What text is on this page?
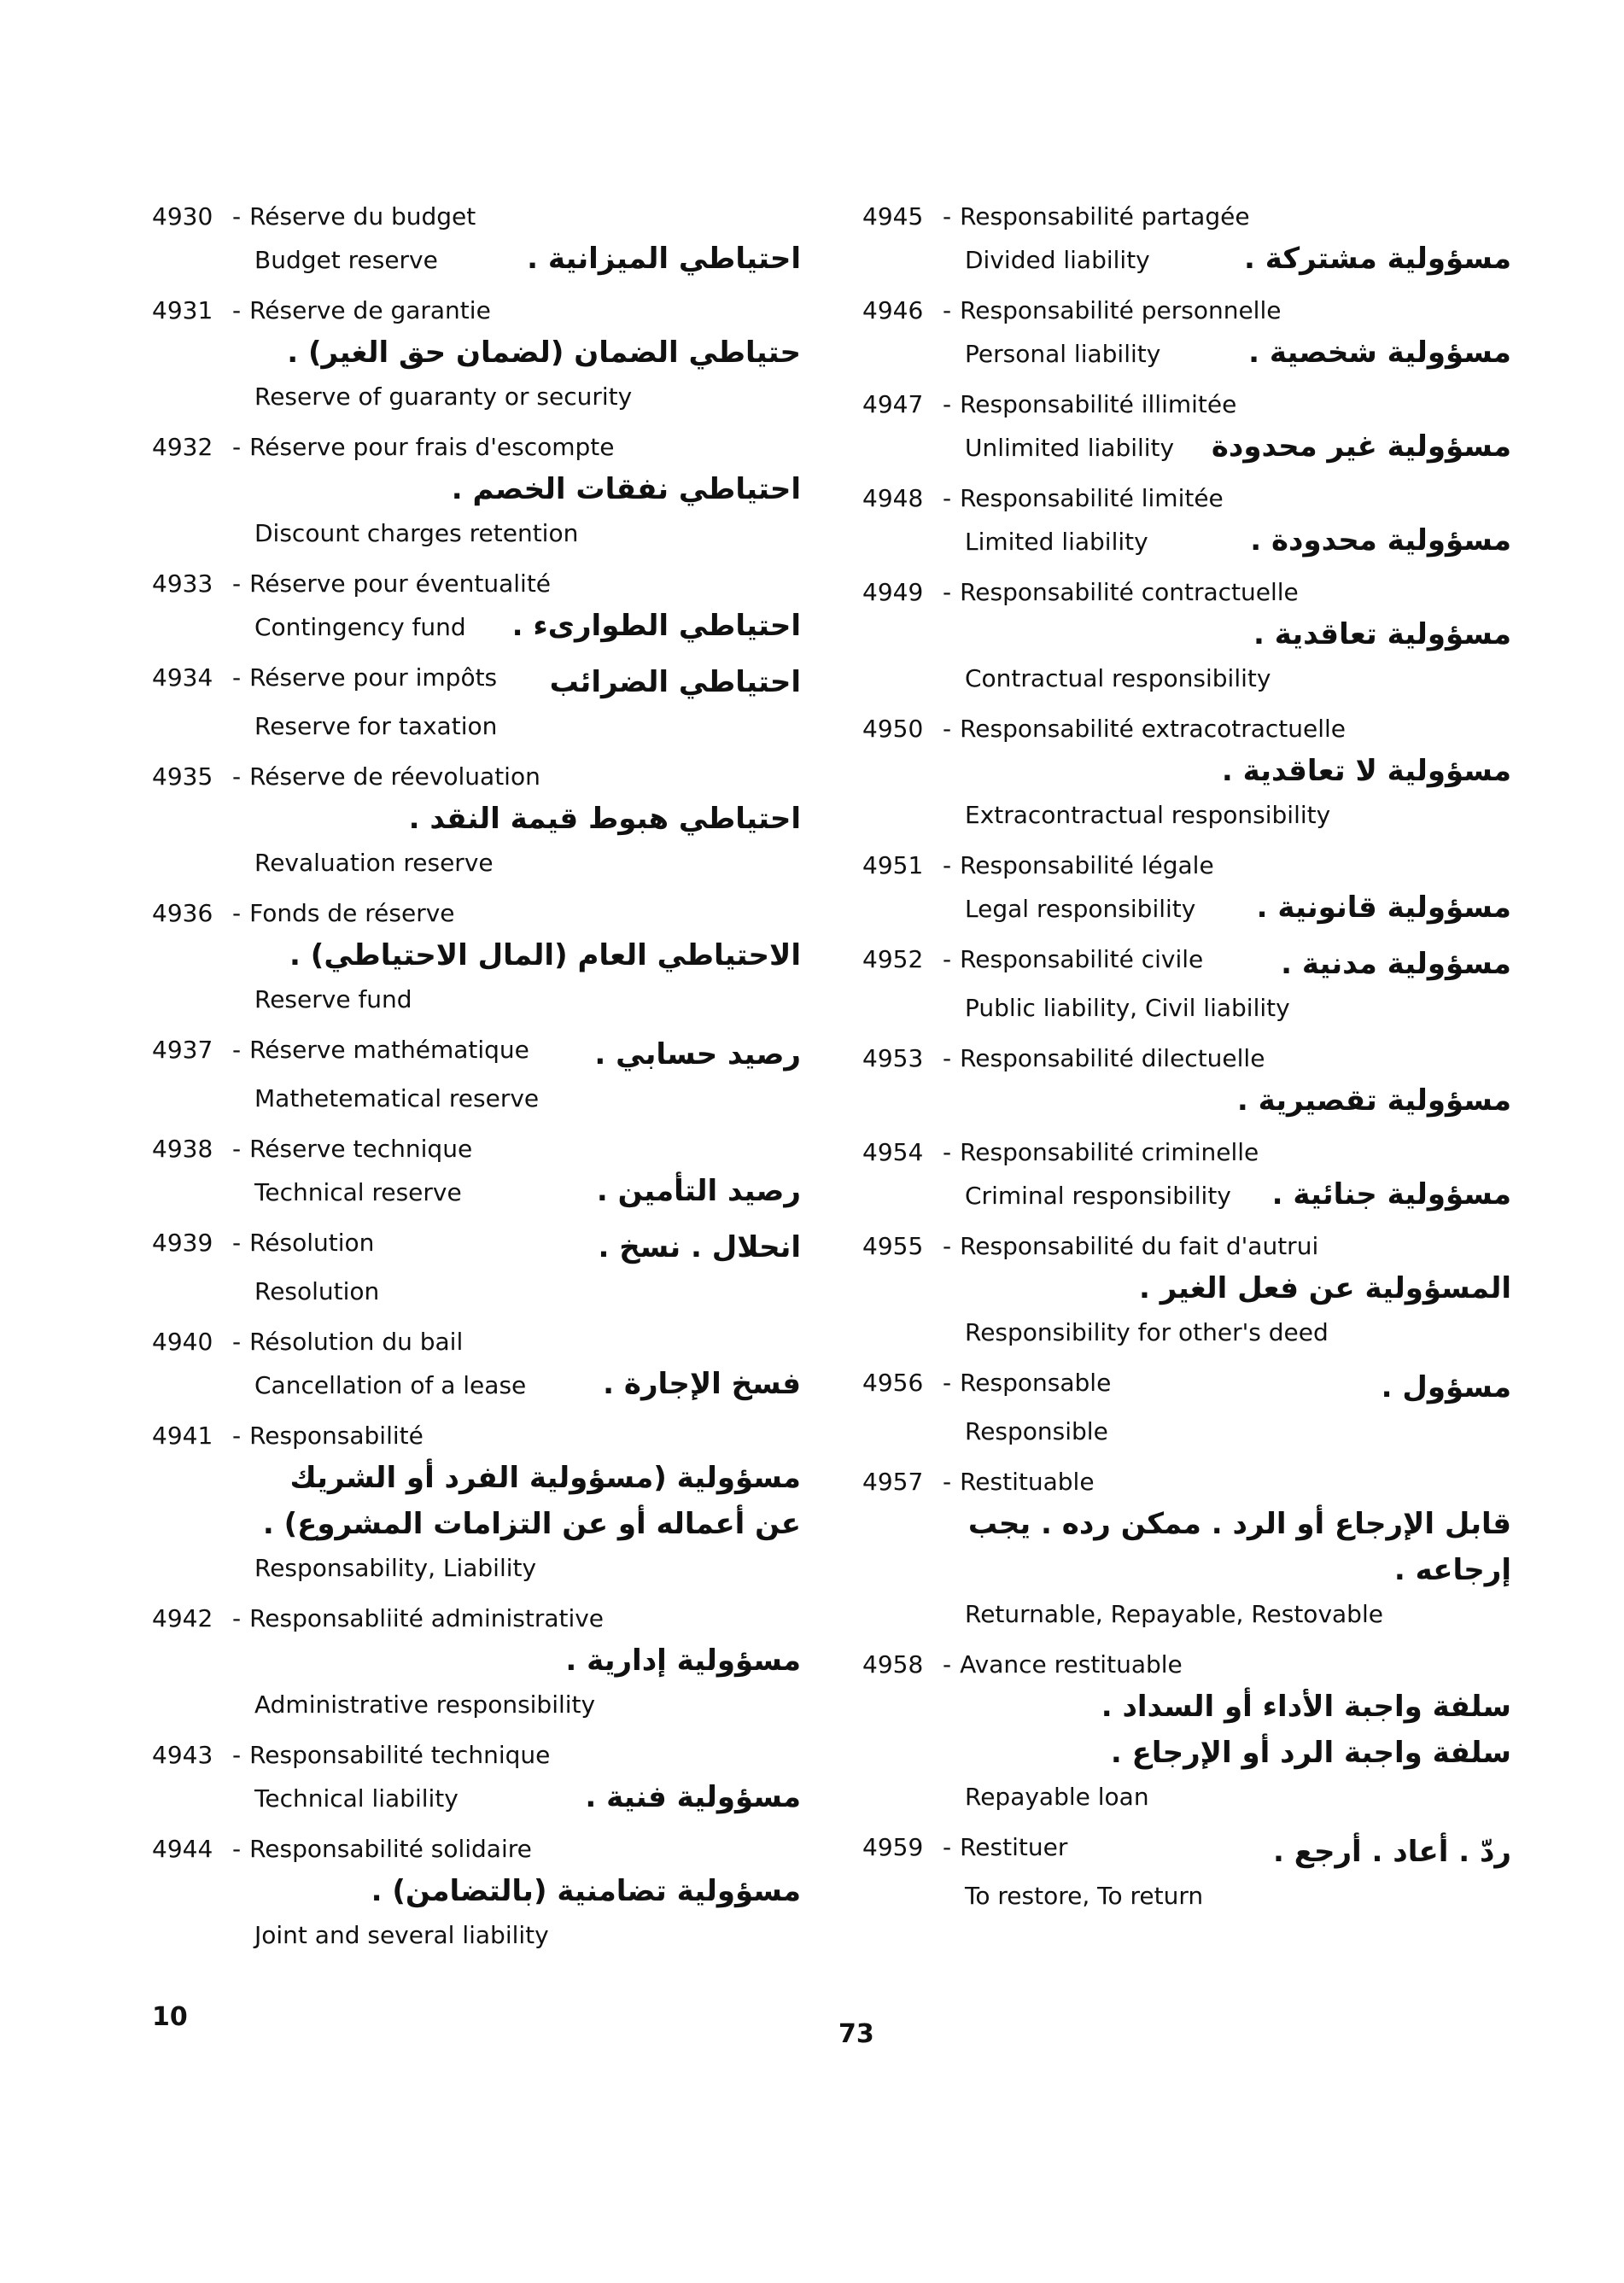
4930 - Réserve du budget
Budget reserve	احتياطي الميزانية .
4931 - Réserve de garantie
حتياطي الضمان (لضمان حق الغير) .
Reserve of guaranty or security
4932 - Réserve pour frais d'escompte
احتياطي نفقات الخصم .
Discount charges retention
4933 - Réserve pour éventualité
Contingency fund احتياطي الطوارىء .
4934 - Réserve pour impôts احتياطي الضرائب
Reserve for taxation
4935 - Réserve de réevoluation
احتياطي هبوط قيمة النقد .
Revaluation reserve
4936 - Fonds de réserve
الاحتياطي العام (المال الاحتياطي) .
Reserve fund
4937 - Réserve mathématique رصيد حسابي .
Mathetematical reserve
4938 - Réserve technique
Technical reserve	رصيد التأمين .
4939 - Résolution	انحلال . نسخ .
Resolution
4940 - Résolution du bail
Cancellation of a lease	فسخ الإجارة .
4941 - Responsabilité
مسؤولية (مسؤولية الفرد أو الشريك عن أعماله أو عن التزامات المشروع) .
Responsability, Liability
4942 - Responsabliité administrative
مسؤولية إدارية .
Administrative responsibility
4943 - Responsabilité technique
Technical liability	مسؤولية فنية .
4944 - Responsabilité solidaire
مسؤولية تضامنية (بالتضامن) .
Joint and several liability
4945 - Responsabilité partagée
Divided liability	مسؤولية مشتركة .
4946 - Responsabilité personnelle
Personal liability	مسؤولية شخصية .
4947 - Responsabilité illimitée
Unlimited liability مسؤولية غير محدودة
4948 - Responsabilité limitée
Limited liability	مسؤولية محدودة .
4949 - Responsabilité contractuelle
مسؤولية تعاقدية .
Contractual responsibility
4950 - Responsabilité extracotractuelle
مسؤولية لا تعاقدية .
Extracontractual responsibility
4951 - Responsabilité légale
Legal responsibility مسؤولية قانونية .
4952 - Responsabilité civile	مسؤولية مدنية .
Public liability, Civil liability
4953 - Responsabilité dilectuelle
مسؤولية تقصيرية .
4954 - Responsabilité criminelle
Criminal responsibility مسؤولية جنائية .
4955 - Responsabilité du fait d'autrui
المسؤولية عن فعل الغير .
Responsibility for other's deed
4956 - Responsable	مسؤول .
Responsible
4957 - Restituable
قابل الإرجاع أو الرد . ممكن رده . يجب إرجاعه .
Returnable, Repayable, Restovable
4958 - Avance restituable
سلفة واجبة الأداء أو السداد .
سلفة واجبة الرد أو الإرجاع .
Repayable loan
4959 - Restituer	ردّ . أعاد . أرجع .
To restore, To return
10
73
